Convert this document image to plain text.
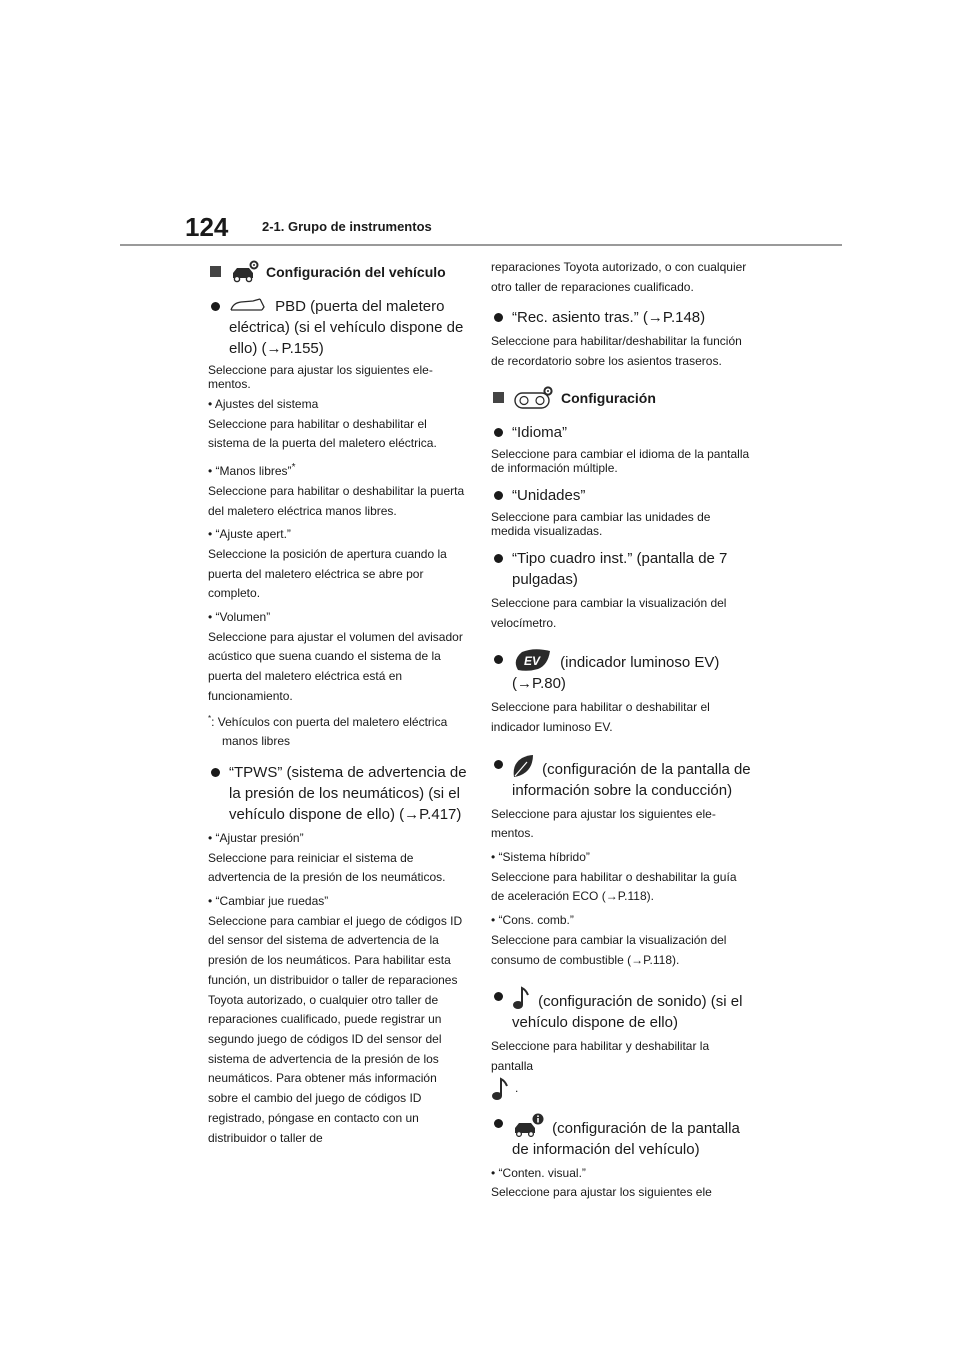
124	2-1. Grupo de instrumentos
Configuración del vehículo
PBD (puerta del maletero eléctrica) (si el vehículo dispone de ello) (→P.155)

Seleccione para ajustar los siguientes elementos.

• Ajustes del sistema

Seleccione para habilitar o deshabilitar el sistema de la puerta del maletero eléctrica.

• “Manos libres”*

Seleccione para habilitar o deshabilitar la puerta del maletero eléctrica manos libres.

• “Ajuste apert.”

Seleccione la posición de apertura cuando la puerta del maletero eléctrica se abre por completo.

• “Volumen”

Seleccione para ajustar el volumen del avisador acústico que suena cuando el sistema de la puerta del maletero eléctrica está en funcionamiento.

*: Vehículos con puerta del maletero eléctrica manos libres

“TPWS” (sistema de advertencia de la presión de los neumáticos) (si el vehículo dispone de ello) (→P.417)

• “Ajustar presión”

Seleccione para reiniciar el sistema de advertencia de la presión de los neumáticos.

• “Cambiar jue ruedas”

Seleccione para cambiar el juego de códigos ID del sensor del sistema de advertencia de la presión de los neumáticos. Para habilitar esta función, un distribuidor o taller de reparaciones Toyota autorizado, o cualquier otro taller de reparaciones cualificado, puede registrar un segundo juego de códigos ID del sensor del sistema de advertencia de la presión de los neumáticos. Para obtener más información sobre el cambio del juego de códigos ID registrado, póngase en contacto con un distribuidor o taller de

reparaciones Toyota autorizado, o con cualquier otro taller de reparaciones cualificado.

“Rec. asiento tras.” (→P.148)

Seleccione para habilitar/deshabilitar la función de recordatorio sobre los asientos traseros.

Configuración
“Idioma”

Seleccione para cambiar el idioma de la pantalla de información múltiple.

“Unidades”

Seleccione para cambiar las unidades de medida visualizadas.

“Tipo cuadro inst.” (pantalla de 7 pulgadas)

Seleccione para cambiar la visualización del velocímetro.

EV (indicador luminoso EV) (→P.80)

Seleccione para habilitar o deshabilitar el indicador luminoso EV.

(configuración de la pantalla de información sobre la conducción)

Seleccione para ajustar los siguientes elementos.

• “Sistema híbrido”

Seleccione para habilitar o deshabilitar la guía de aceleración ECO (→P.118).

• “Cons. comb.”

Seleccione para cambiar la visualización del consumo de combustible (→P.118).

(configuración de sonido) (si el vehículo dispone de ello)

Seleccione para habilitar y deshabilitar la pantalla

.

(configuración de la pantalla de información del vehículo)

• “Conten. visual.”

Seleccione para ajustar los siguientes ele
